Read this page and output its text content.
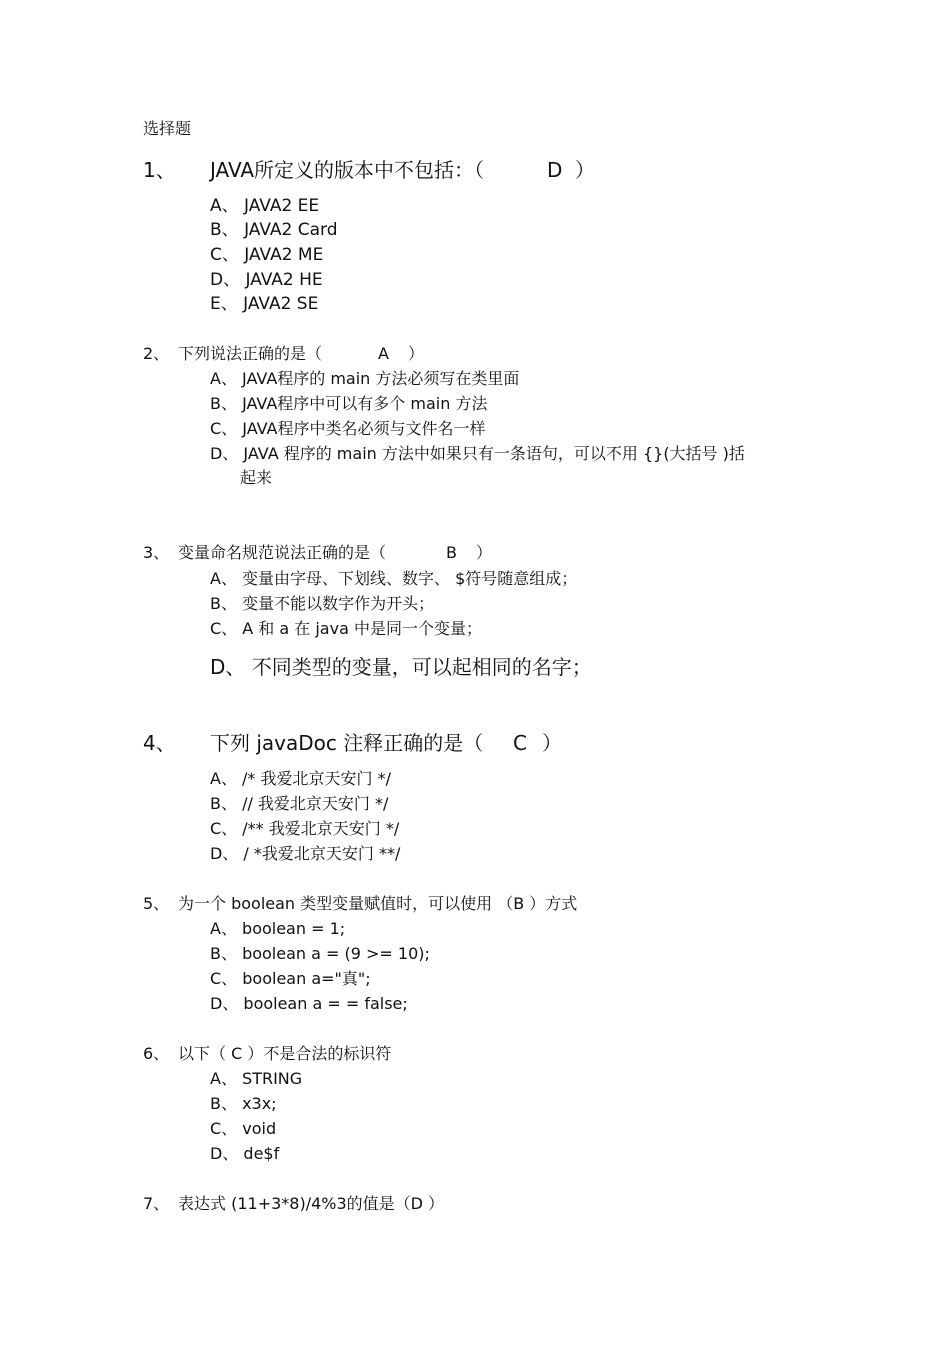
选择题
1、 JAVA所定义的版本中不包括：（	D ）
A、 JAVA2 EE
B、 JAVA2 Card
C、 JAVA2 ME
D、 JAVA2 HE
E、 JAVA2 SE
2、 下列说法正确的是（	A ）
A、 JAVA程序的 main 方法必须写在类里面
B、 JAVA程序中可以有多个 main 方法
C、 JAVA程序中类名必须与文件名一样
D、 JAVA 程序的 main 方法中如果只有一条语句，可以不用 {}(大括号 )括
起来
3、 变量命名规范说法正确的是（	B ）
A、 变量由字母、下划线、数字、 $符号随意组成；
B、 变量不能以数字作为开头；
C、 A 和 a 在 java 中是同一个变量；
D、 不同类型的变量，可以起相同的名字；
4、 下列 javaDoc 注释正确的是（ C ）
A、 /* 我爱北京天安门 */
B、 // 我爱北京天安门 */
C、 /** 我爱北京天安门 */
D、 / *我爱北京天安门 **/
5、 为一个 boolean 类型变量赋值时，可以使用 （B ）方式
A、 boolean = 1;
B、 boolean a = (9 >= 10);
C、 boolean a="真";
D、 boolean a = = false;
6、 以下（ C ）不是合法的标识符
A、 STRING
B、 x3x;
C、 void
D、 de$f
7、 表达式 (11+3*8)/4%3的值是（D ）
